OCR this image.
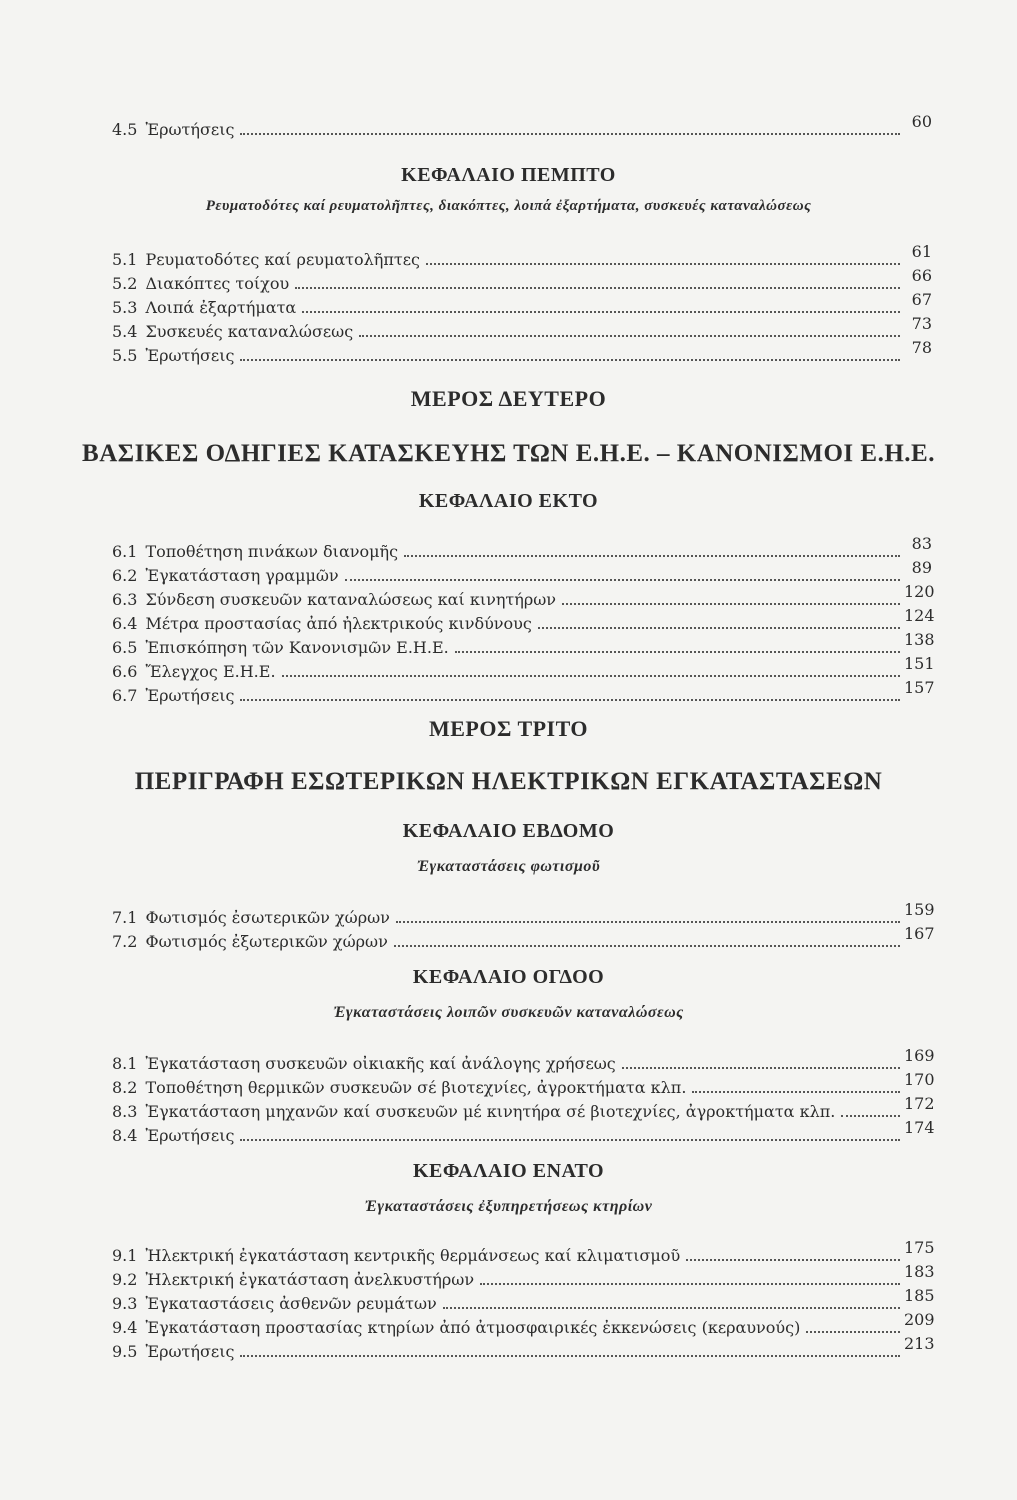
4.5 Ἐρωτήσεις	60
ΚΕΦΑΛΑΙΟ ΠΕΜΠΤΟ
Ρευματοδότες καί ρευματολῆπτες, διακόπτες, λοιπά ἐξαρτήματα, συσκευές καταναλώσεως
5.1 Ρευματοδότες καί ρευματολῆπτες	61
5.2 Διακόπτες τοίχου	66
5.3 Λοιπά ἐξαρτήματα	67
5.4 Συσκευές καταναλώσεως	73
5.5 Ἐρωτήσεις	78
ΜΕΡΟΣ ΔΕΥΤΕΡΟ
ΒΑΣΙΚΕΣ ΟΔΗΓΙΕΣ ΚΑΤΑΣΚΕΥΗΣ ΤΩΝ Ε.Η.Ε. – ΚΑΝΟΝΙΣΜΟΙ Ε.Η.Ε.
ΚΕΦΑΛΑΙΟ ΕΚΤΟ
6.1 Τοποθέτηση πινάκων διανομῆς	83
6.2 Ἐγκατάσταση γραμμῶν	89
6.3 Σύνδεση συσκευῶν καταναλώσεως καί κινητήρων	120
6.4 Μέτρα προστασίας ἀπό ἠλεκτρικούς κινδύνους	124
6.5 Ἐπισκόπηση τῶν Κανονισμῶν Ε.Η.Ε.	138
6.6 Ἔλεγχος Ε.Η.Ε.	151
6.7 Ἐρωτήσεις	157
ΜΕΡΟΣ ΤΡΙΤΟ
ΠΕΡΙΓΡΑΦΗ ΕΣΩΤΕΡΙΚΩΝ ΗΛΕΚΤΡΙΚΩΝ ΕΓΚΑΤΑΣΤΑΣΕΩΝ
ΚΕΦΑΛΑΙΟ ΕΒΔΟΜΟ
Ἐγκαταστάσεις φωτισμοῦ
7.1 Φωτισμός ἐσωτερικῶν χώρων	159
7.2 Φωτισμός ἐξωτερικῶν χώρων	167
ΚΕΦΑΛΑΙΟ ΟΓΔΟΟ
Ἐγκαταστάσεις λοιπῶν συσκευῶν καταναλώσεως
8.1 Ἐγκατάσταση συσκευῶν οἰκιακῆς καί ἀνάλογης χρήσεως	169
8.2 Τοποθέτηση θερμικῶν συσκευῶν σέ βιοτεχνίες, ἀγροκτήματα κλπ.	170
8.3 Ἐγκατάσταση μηχανῶν καί συσκευῶν μέ κινητήρα σέ βιοτεχνίες, ἀγροκτήματα κλπ.	172
8.4 Ἐρωτήσεις	174
ΚΕΦΑΛΑΙΟ ΕΝΑΤΟ
Ἐγκαταστάσεις ἐξυπηρετήσεως κτηρίων
9.1 Ἠλεκτρική ἐγκατάσταση κεντρικῆς θερμάνσεως καί κλιματισμοῦ	175
9.2 Ἠλεκτρική ἐγκατάσταση ἀνελκυστήρων	183
9.3 Ἐγκαταστάσεις ἀσθενῶν ρευμάτων	185
9.4 Ἐγκατάσταση προστασίας κτηρίων ἀπό ἀτμοσφαιρικές ἐκκενώσεις (κεραυνούς)	209
9.5 Ἐρωτήσεις	213
